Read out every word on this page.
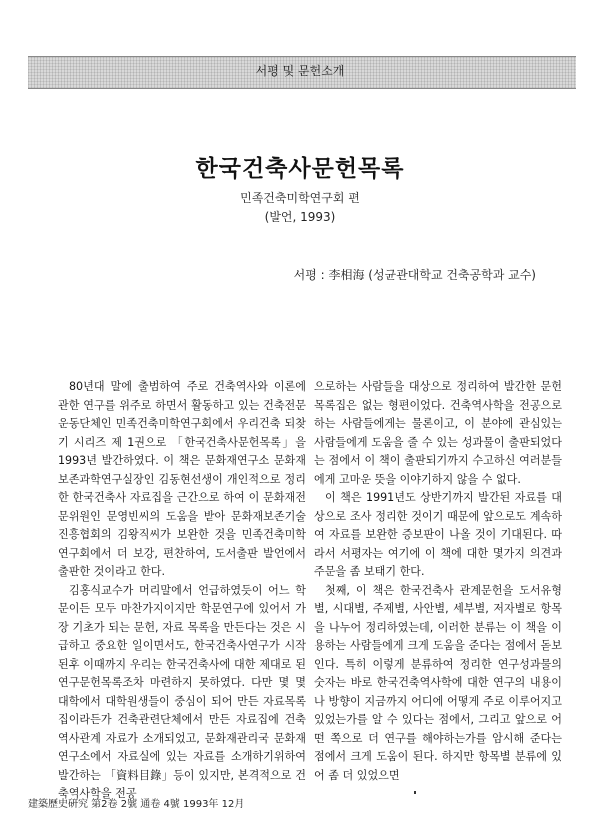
서평 및 문헌소개
한국건축사문헌목록
민족건축미학연구회 편
(발언, 1993)
서평 : 李相海 (성균관대학교 건축공학과 교수)

80년대 말에 출범하여 주로 건축역사와 이론에 관한 연구를 위주로 하면서 활동하고 있는 건축전문 운동단체인 민족건축미학연구회에서 우리건축 되찾기 시리즈 제 1권으로 「한국건축사문헌목록」을 1993년 발간하였다. 이 책은 문화재연구소 문화재보존과학연구실장인 김동현선생이 개인적으로 정리한 한국건축사 자료집을 근간으로 하여 이 문화재전문위원인 문영빈씨의 도움을 받아 문화재보존기술진흥협회의 김왕직씨가 보완한 것을 민족건축미학연구회에서 더 보강, 편찬하여, 도서출판 발언에서 출판한 것이라고 한다.

김홍식교수가 머리말에서 언급하였듯이 어느 학문이든 모두 마찬가지이지만 학문연구에 있어서 가장 기초가 되는 문헌, 자료 목록을 만든다는 것은 시급하고 중요한 일이면서도, 한국건축사연구가 시작된후 이때까지 우리는 한국건축사에 대한 제대로 된 연구문헌목록조차 마련하지 못하였다. 다만 몇 몇 대학에서 대학원생들이 중심이 되어 만든 자료목록집이라든가 건축관련단체에서 만든 자료집에 건축역사관계 자료가 소개되었고, 문화재관리국 문화재연구소에서 자료실에 있는 자료를 소개하기위하여 발간하는 「資料目錄」등이 있지만, 본격적으로 건축역사학을 전공

으로하는 사람들을 대상으로 정리하여 발간한 문헌목록집은 없는 형편이었다. 건축역사학을 전공으로하는 사람들에게는 물론이고, 이 분야에 관심있는 사람들에게 도움을 줄 수 있는 성과물이 출판되었다는 점에서 이 책이 출판되기까지 수고하신 여러분들에게 고마운 뜻을 이야기하지 않을 수 없다.

이 책은 1991년도 상반기까지 발간된 자료를 대상으로 조사 정리한 것이기 때문에 앞으로도 계속하여 자료를 보완한 증보판이 나올 것이 기대된다. 따라서 서평자는 여기에 이 책에 대한 몇가지 의견과 주문을 좀 보태기 한다.

첫째, 이 책은 한국건축사 관계문헌을 도서유형별, 시대별, 주제별, 사안별, 세부별, 저자별로 항목을 나누어 정리하였는데, 이러한 분류는 이 책을 이용하는 사람들에게 크게 도움을 준다는 점에서 돋보인다. 특히 이렇게 분류하여 정리한 연구성과물의 숫자는 바로 한국건축역사학에 대한 연구의 내용이나 방향이 지금까지 어디에 어떻게 주로 이루어지고 있었는가를 알 수 있다는 점에서, 그리고 앞으로 어떤 쪽으로 더 연구를 해야하는가를 암시해 준다는 점에서 크게 도움이 된다. 하지만 항목별 분류에 있어 좀 더 있었으면

建築歷史硏究 第2卷 2號 通卷 4號 1993年 12月
